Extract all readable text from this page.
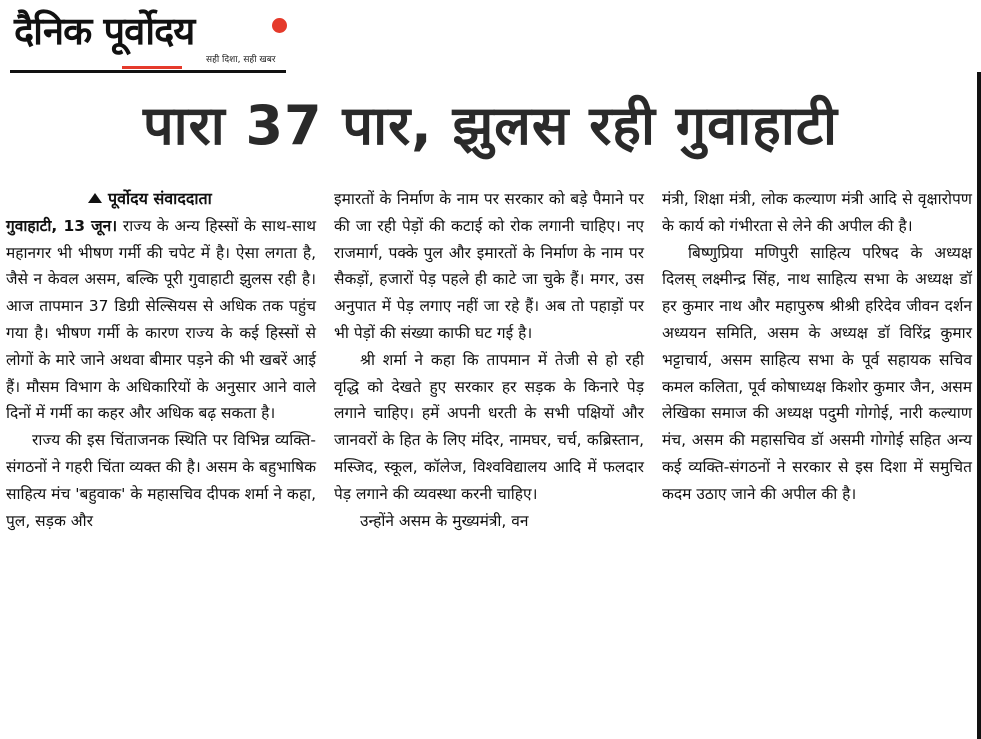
दैनिक पूर्वोदय
सही दिशा, सही खबर
पारा 37 पार, झुलस रही गुवाहाटी

पूर्वोदय संवाददाता

गुवाहाटी, 13 जून। राज्य के अन्य हिस्सों के साथ-साथ महानगर भी भीषण गर्मी की चपेट में है। ऐसा लगता है, जैसे न केवल असम, बल्कि पूरी गुवाहाटी झुलस रही है। आज तापमान 37 डिग्री सेल्सियस से अधिक तक पहुंच गया है। भीषण गर्मी के कारण राज्य के कई हिस्सों से लोगों के मारे जाने अथवा बीमार पड़ने की भी खबरें आई हैं। मौसम विभाग के अधिकारियों के अनुसार आने वाले दिनों में गर्मी का कहर और अधिक बढ़ सकता है।

राज्य की इस चिंताजनक स्थिति पर विभिन्न व्यक्ति-संगठनों ने गहरी चिंता व्यक्त की है। असम के बहुभाषिक साहित्य मंच 'बहुवाक' के महासचिव दीपक शर्मा ने कहा, पुल, सड़क और

इमारतों के निर्माण के नाम पर सरकार को बड़े पैमाने पर की जा रही पेड़ों की कटाई को रोक लगानी चाहिए। नए राजमार्ग, पक्के पुल और इमारतों के निर्माण के नाम पर सैकड़ों, हजारों पेड़ पहले ही काटे जा चुके हैं। मगर, उस अनुपात में पेड़ लगाए नहीं जा रहे हैं। अब तो पहाड़ों पर भी पेड़ों की संख्या काफी घट गई है।

श्री शर्मा ने कहा कि तापमान में तेजी से हो रही वृद्धि को देखते हुए सरकार हर सड़क के किनारे पेड़ लगाने चाहिए। हमें अपनी धरती के सभी पक्षियों और जानवरों के हित के लिए मंदिर, नामघर, चर्च, कब्रिस्तान, मस्जिद, स्कूल, कॉलेज, विश्वविद्यालय आदि में फलदार पेड़ लगाने की व्यवस्था करनी चाहिए।

उन्होंने असम के मुख्यमंत्री, वन

मंत्री, शिक्षा मंत्री, लोक कल्याण मंत्री आदि से वृक्षारोपण के कार्य को गंभीरता से लेने की अपील की है।

बिष्णुप्रिया मणिपुरी साहित्य परिषद के अध्यक्ष दिलस् लक्ष्मीन्द्र सिंह, नाथ साहित्य सभा के अध्यक्ष डॉ हर कुमार नाथ और महापुरुष श्रीश्री हरिदेव जीवन दर्शन अध्ययन समिति, असम के अध्यक्ष डॉ विरिंद्र कुमार भट्टाचार्य, असम साहित्य सभा के पूर्व सहायक सचिव कमल कलिता, पूर्व कोषाध्यक्ष किशोर कुमार जैन, असम लेखिका समाज की अध्यक्ष पदुमी गोगोई, नारी कल्याण मंच, असम की महासचिव डॉ असमी गोगोई सहित अन्य कई व्यक्ति-संगठनों ने सरकार से इस दिशा में समुचित कदम उठाए जाने की अपील की है।
